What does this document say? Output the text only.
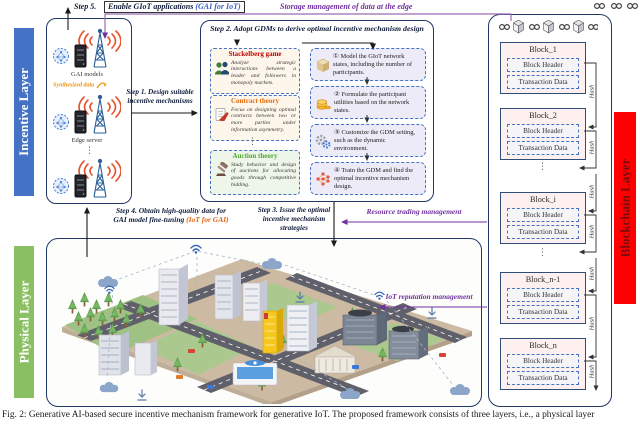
Incentive Layer
Physical Layer
Blockchain Layer
Step 5.	Enable GIoT applications (GAI for IoT)	Storage management of data at the edge
GAI models
Synthesized data
Edge server
⋮
Step 1. Design suitable
incentive mechanisms
Step 2. Adopt GDMs to derive optimal incentive mechanism design
Stackelberg game
Analyze strategic interactions between a leader and followers in monopoly markets.
Contract theory
Focus on designing optimal contracts between two or more parties under information asymmetry.
⋮
Auction theory
Study behavior and design of auctions for allocating goods through competitive bidding.
① Model the GIoT network states, including the number of participants.
② Formulate the participant utilities based on the network states.
③ Customize the GDM setting, such as the dynamic environment.
④ Train the GDM and find the optimal incentive mechanism design.
Step 4. Obtain high-quality data for
GAI model fine-tuning (IoT for GAI)
Step 3. Issue the optimal
incentive mechanism strategies
Resource trading management
IoT reputation management
Block_1
Block Header
Transaction Data
Block_2
Block Header
Transaction Data
⋮
Block_i
Block Header
Transaction Data
⋮
Block_n-1
Block Header
Transaction Data
Block_n
Block Header
Transaction Data
Hash
Hash
Hash
Hash
Hash
Hash
Hash
Fig. 2: Generative AI-based secure incentive mechanism framework for generative IoT. The proposed framework consists of three layers, i.e., a physical layer
